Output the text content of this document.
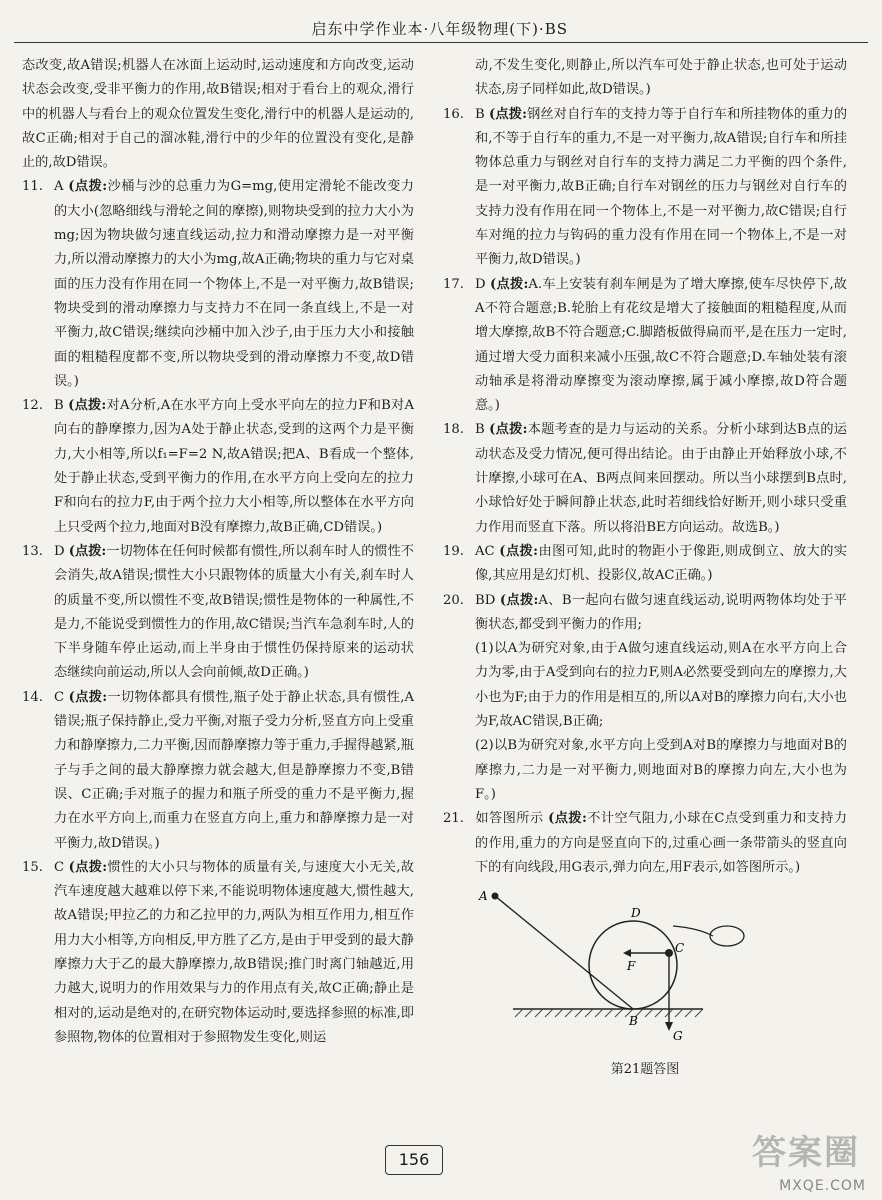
启东中学作业本·八年级物理(下)·BS

态改变,故A错误;机器人在冰面上运动时,运动速度和方向改变,运动状态会改变,受非平衡力的作用,故B错误;相对于看台上的观众,滑行中的机器人与看台上的观众位置发生变化,滑行中的机器人是运动的,故C正确;相对于自己的溜冰鞋,滑行中的少年的位置没有变化,是静止的,故D错误。

11. A (点拨:沙桶与沙的总重力为G=mg,使用定滑轮不能改变力的大小(忽略细线与滑轮之间的摩擦),则物块受到的拉力大小为mg;因为物块做匀速直线运动,拉力和滑动摩擦力是一对平衡力,所以滑动摩擦力的大小为mg,故A正确;物块的重力与它对桌面的压力没有作用在同一个物体上,不是一对平衡力,故B错误;物块受到的滑动摩擦力与支持力不在同一条直线上,不是一对平衡力,故C错误;继续向沙桶中加入沙子,由于压力大小和接触面的粗糙程度都不变,所以物块受到的滑动摩擦力不变,故D错误。)

12. B (点拨:对A分析,A在水平方向上受水平向左的拉力F和B对A向右的静摩擦力,因为A处于静止状态,受到的这两个力是平衡力,大小相等,所以f₁=F=2 N,故A错误;把A、B看成一个整体,处于静止状态,受到平衡力的作用,在水平方向上受向左的拉力F和向右的拉力F,由于两个拉力大小相等,所以整体在水平方向上只受两个拉力,地面对B没有摩擦力,故B正确,CD错误。)

13. D (点拨:一切物体在任何时候都有惯性,所以刹车时人的惯性不会消失,故A错误;惯性大小只跟物体的质量大小有关,刹车时人的质量不变,所以惯性不变,故B错误;惯性是物体的一种属性,不是力,不能说受到惯性力的作用,故C错误;当汽车急刹车时,人的下半身随车停止运动,而上半身由于惯性仍保持原来的运动状态继续向前运动,所以人会向前倾,故D正确。)

14. C (点拨:一切物体都具有惯性,瓶子处于静止状态,具有惯性,A错误;瓶子保持静止,受力平衡,对瓶子受力分析,竖直方向上受重力和静摩擦力,二力平衡,因而静摩擦力等于重力,手握得越紧,瓶子与手之间的最大静摩擦力就会越大,但是静摩擦力不变,B错误、C正确;手对瓶子的握力和瓶子所受的重力不是平衡力,握力在水平方向上,而重力在竖直方向上,重力和静摩擦力是一对平衡力,故D错误。)

15. C (点拨:惯性的大小只与物体的质量有关,与速度大小无关,故汽车速度越大越难以停下来,不能说明物体速度越大,惯性越大,故A错误;甲拉乙的力和乙拉甲的力,两队为相互作用力,相互作用力大小相等,方向相反,甲方胜了乙方,是由于甲受到的最大静摩擦力大于乙的最大静摩擦力,故B错误;推门时离门轴越近,用力越大,说明力的作用效果与力的作用点有关,故C正确;静止是相对的,运动是绝对的,在研究物体运动时,要选择参照的标准,即参照物,物体的位置相对于参照物发生变化,则运

动,不发生变化,则静止,所以汽车可处于静止状态,也可处于运动状态,房子同样如此,故D错误。)

16. B (点拨:钢丝对自行车的支持力等于自行车和所挂物体的重力的和,不等于自行车的重力,不是一对平衡力,故A错误;自行车和所挂物体总重力与钢丝对自行车的支持力满足二力平衡的四个条件,是一对平衡力,故B正确;自行车对钢丝的压力与钢丝对自行车的支持力没有作用在同一个物体上,不是一对平衡力,故C错误;自行车对绳的拉力与钩码的重力没有作用在同一个物体上,不是一对平衡力,故D错误。)

17. D (点拨:A.车上安装有刹车闸是为了增大摩擦,使车尽快停下,故A不符合题意;B.轮胎上有花纹是增大了接触面的粗糙程度,从而增大摩擦,故B不符合题意;C.脚踏板做得扁而平,是在压力一定时,通过增大受力面积来减小压强,故C不符合题意;D.车轴处装有滚动轴承是将滑动摩擦变为滚动摩擦,属于减小摩擦,故D符合题意。)

18. B (点拨:本题考查的是力与运动的关系。分析小球到达B点的运动状态及受力情况,便可得出结论。由于由静止开始释放小球,不计摩擦,小球可在A、B两点间来回摆动。所以当小球摆到B点时,小球恰好处于瞬间静止状态,此时若细线恰好断开,则小球只受重力作用而竖直下落。所以将沿BE方向运动。故选B。)

19. AC (点拨:由图可知,此时的物距小于像距,则成倒立、放大的实像,其应用是幻灯机、投影仪,故AC正确。)

20. BD (点拨:A、B一起向右做匀速直线运动,说明两物体均处于平衡状态,都受到平衡力的作用;

(1)以A为研究对象,由于A做匀速直线运动,则A在水平方向上合力为零,由于A受到向右的拉力F,则A必然要受到向左的摩擦力,大小也为F;由于力的作用是相互的,所以A对B的摩擦力向右,大小也为F,故AC错误,B正确;

(2)以B为研究对象,水平方向上受到A对B的摩擦力与地面对B的摩擦力,二力是一对平衡力,则地面对B的摩擦力向左,大小也为F。)

21. 如答图所示 (点拨:不计空气阻力,小球在C点受到重力和支持力的作用,重力的方向是竖直向下的,过重心画一条带箭头的竖直向下的有向线段,用G表示,弹力向左,用F表示,如答图所示。)

A
B
C
D
F
G
第21题答图
156	答案圈
MXQE.COM
